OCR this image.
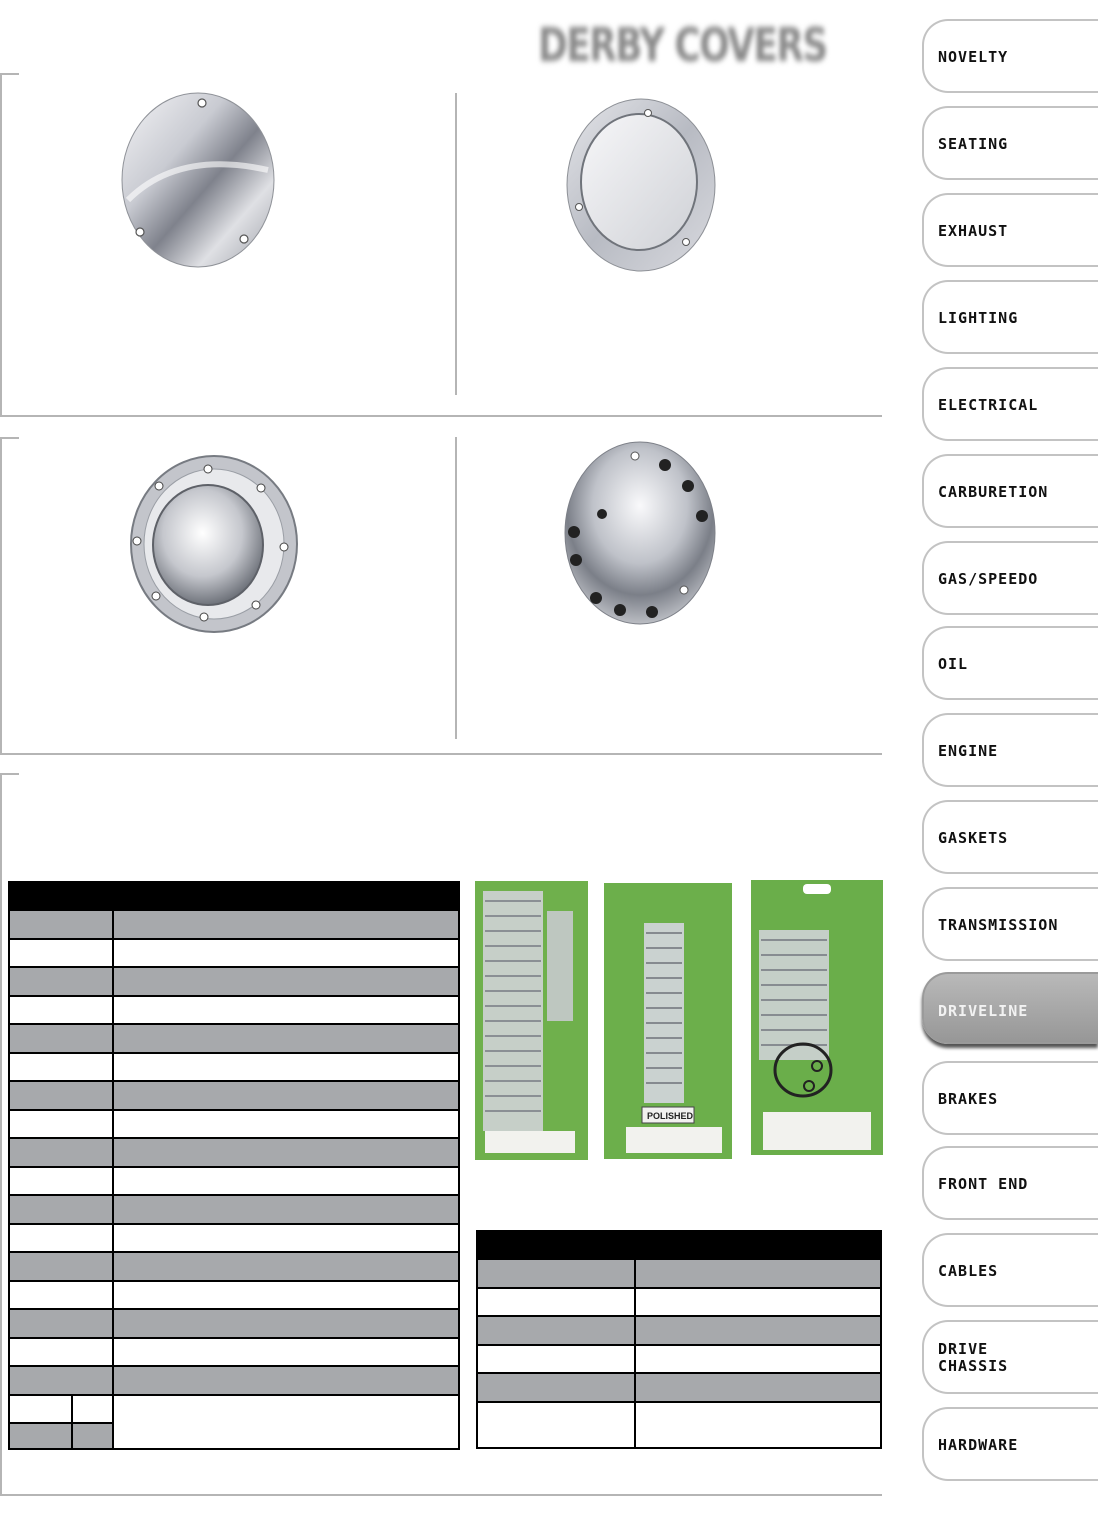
DERBY COVERS
POLISHED
NOVELTY
SEATING
EXHAUST
LIGHTING
ELECTRICAL
CARBURETION
GAS/SPEEDO
OIL
ENGINE
GASKETS
TRANSMISSION
DRIVELINE
BRAKES
FRONT END
CABLES
DRIVE
CHASSIS
HARDWARE
